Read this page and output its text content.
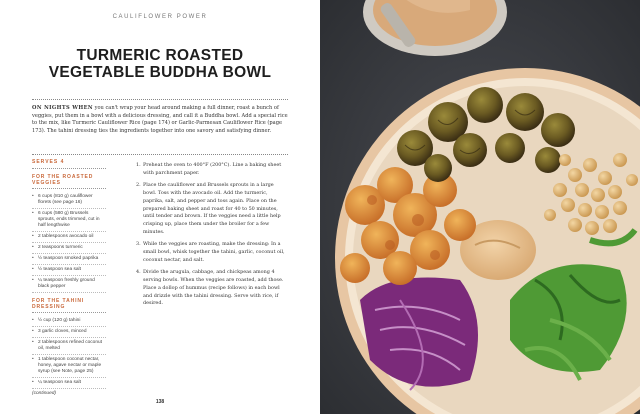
CAULIFLOWER POWER
TURMERIC ROASTED
VEGETABLE BUDDHA BOWL

ON NIGHTS WHEN you can't wrap your head around making a full dinner, roast a bunch of veggies, put them in a bowl with a delicious dressing, and call it a Buddha bowl. Add a special rice to the mix, like Turmeric Cauliflower Rice (page 174) or Garlic-Parmesan Cauliflower Rice (page 173). The tahini dressing ties the ingredients together into one savory and satisfying dinner.

SERVES 4
FOR THE ROASTED VEGGIES
• 6 cups (810 g) cauliflower florets (see page 16)
• 6 cups (580 g) Brussels sprouts, ends trimmed, cut in half lengthwise
• 2 tablespoons avocado oil
• 2 teaspoons turmeric
• ½ teaspoon smoked paprika
• ½ teaspoon sea salt
• ¼ teaspoon freshly ground black pepper
FOR THE TAHINI DRESSING
• ½ cup (120 g) tahini
• 3 garlic cloves, minced
• 2 tablespoons refined coconut oil, melted
• 1 tablespoon coconut nectar, honey, agave nectar or maple syrup (see Note, page 25)
• ¼ teaspoon sea salt
(continued)
1. Preheat the oven to 400°F (200°C). Line a baking sheet with parchment paper.
2. Place the cauliflower and Brussels sprouts in a large bowl. Toss with the avocado oil. Add the turmeric, paprika, salt, and pepper and toss again. Place on the prepared baking sheet and roast for 40 to 50 minutes, until tender and brown. If the veggies need a little help crisping up, place them under the broiler for a few minutes.
3. While the veggies are roasting, make the dressing: In a small bowl, whisk together the tahini, garlic, coconut oil, coconut nectar, and salt.
4. Divide the arugula, cabbage, and chickpeas among 4 serving bowls. When the veggies are roasted, add those. Place a dollop of hummus (recipe follows) in each bowl and drizzle with the tahini dressing. Serve with rice, if desired.
138
